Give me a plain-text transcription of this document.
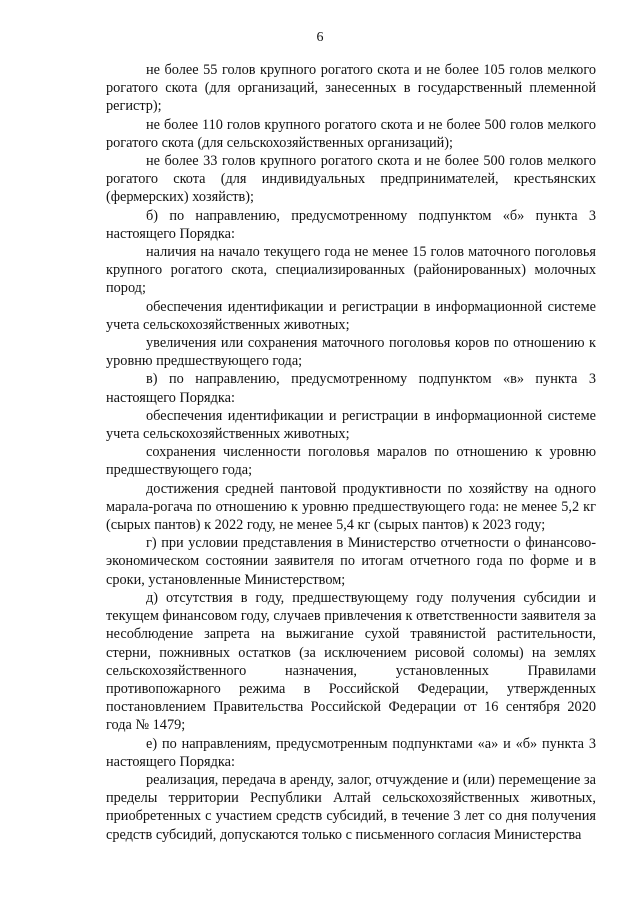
6

не более 55 голов крупного рогатого скота и не более 105 голов мелкого рогатого скота (для организаций, занесенных в государственный племенной регистр);

не более 110 голов крупного рогатого скота и не более 500 голов мелкого рогатого скота (для сельскохозяйственных организаций);

не более 33 голов крупного рогатого скота и не более 500 голов мелкого рогатого скота (для индивидуальных предпринимателей, крестьянских (фермерских) хозяйств);

б) по направлению, предусмотренному подпунктом «б» пункта 3 настоящего Порядка:

наличия на начало текущего года не менее 15 голов маточного поголовья крупного рогатого скота, специализированных (районированных) молочных пород;

обеспечения идентификации и регистрации в информационной системе учета сельскохозяйственных животных;

увеличения или сохранения маточного поголовья коров по отношению к уровню предшествующего года;

в) по направлению, предусмотренному подпунктом «в» пункта 3 настоящего Порядка:

обеспечения идентификации и регистрации в информационной системе учета сельскохозяйственных животных;

сохранения численности поголовья маралов по отношению к уровню предшествующего года;

достижения средней пантовой продуктивности по хозяйству на одного марала-рогача по отношению к уровню предшествующего года: не менее 5,2 кг (сырых пантов) к 2022 году, не менее 5,4 кг (сырых пантов) к 2023 году;

г) при условии представления в Министерство отчетности о финансово-экономическом состоянии заявителя по итогам отчетного года по форме и в сроки, установленные Министерством;

д) отсутствия в году, предшествующему году получения субсидии и текущем финансовом году, случаев привлечения к ответственности заявителя за несоблюдение запрета на выжигание сухой травянистой растительности, стерни, пожнивных остатков (за исключением рисовой соломы) на землях сельскохозяйственного назначения, установленных Правилами противопожарного режима в Российской Федерации, утвержденных постановлением Правительства Российской Федерации от 16 сентября 2020 года № 1479;

е) по направлениям, предусмотренным подпунктами «а» и «б» пункта 3 настоящего Порядка:

реализация, передача в аренду, залог, отчуждение и (или) перемещение за пределы территории Республики Алтай сельскохозяйственных животных, приобретенных с участием средств субсидий, в течение 3 лет со дня получения средств субсидий, допускаются только с письменного согласия Министерства
